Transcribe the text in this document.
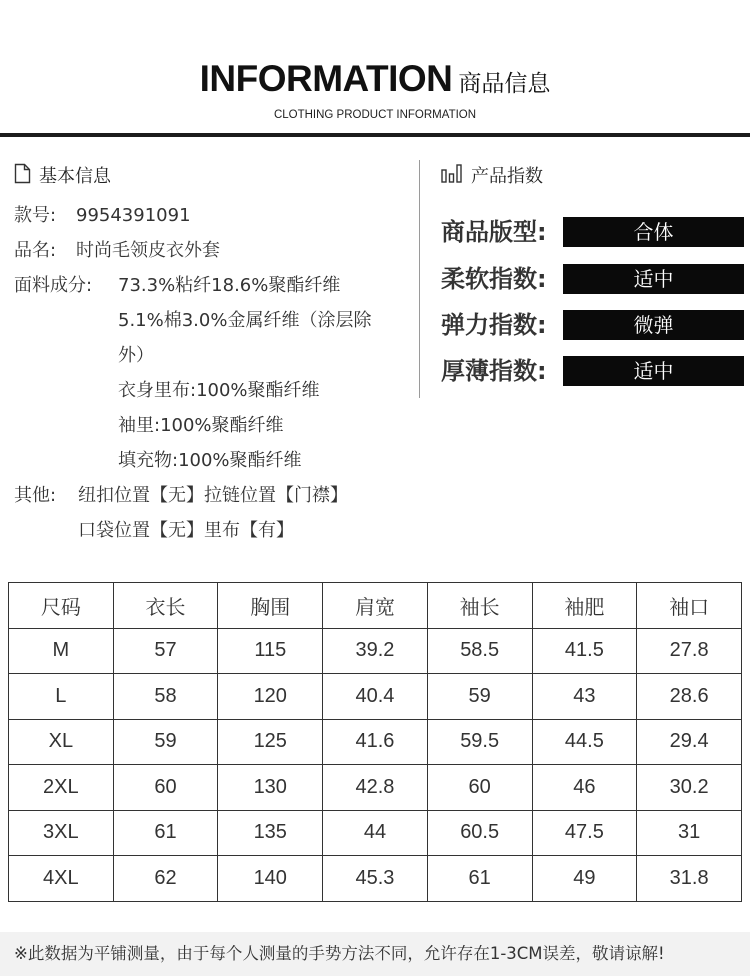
INFORMATION 商品信息
CLOTHING PRODUCT INFORMATION
基本信息
款号: 9954391091
品名: 时尚毛领皮衣外套
面料成分: 73.3%粘纤18.6%聚酯纤维
5.1%棉3.0%金属纤维（涂层除
外）
衣身里布:100%聚酯纤维
袖里:100%聚酯纤维
填充物:100%聚酯纤维
其他: 纽扣位置【无】拉链位置【门襟】
口袋位置【无】里布【有】
产品指数
商品版型:	合体
柔软指数:	适中
弹力指数:	微弹
厚薄指数:	适中
尺码	衣长	胸围	肩宽	袖长	袖肥	袖口
M	57	115	39.2	58.5	41.5	27.8
L	58	120	40.4	59	43	28.6
XL	59	125	41.6	59.5	44.5	29.4
2XL	60	130	42.8	60	46	30.2
3XL	61	135	44	60.5	47.5	31
4XL	62	140	45.3	61	49	31.8
※此数据为平铺测量，由于每个人测量的手势方法不同，允许存在1-3CM误差，敬请谅解!
